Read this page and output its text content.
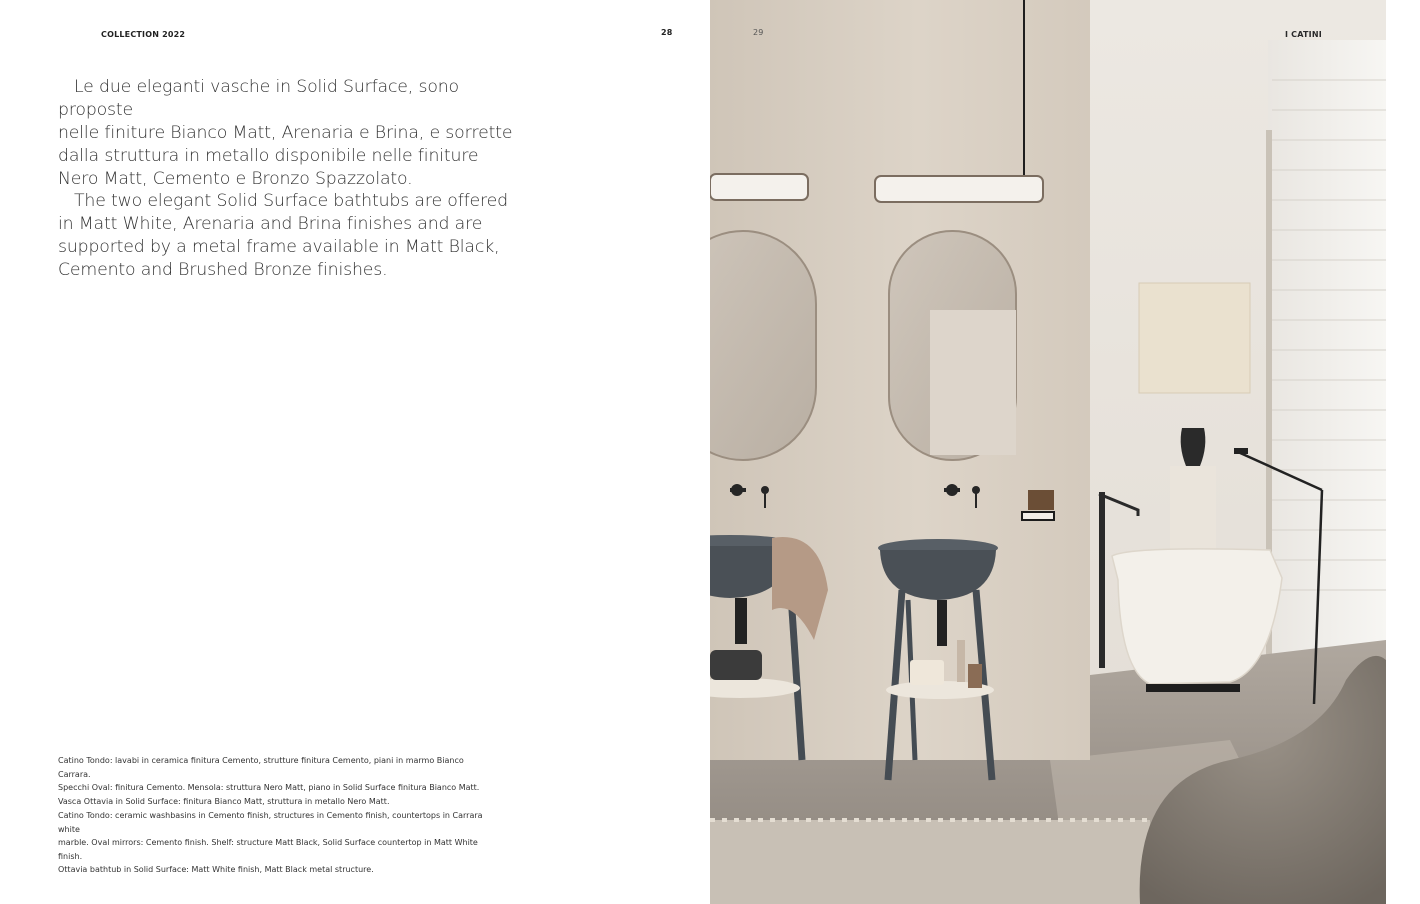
COLLECTION 2022	28

Le due eleganti vasche in Solid Surface, sono proposte
nelle finiture Bianco Matt, Arenaria e Brina, e sorrette
dalla struttura in metallo disponibile nelle finiture
Nero Matt, Cemento e Bronzo Spazzolato.

The two elegant Solid Surface bathtubs are offered
in Matt White, Arenaria and Brina finishes and are
supported by a metal frame available in Matt Black,
Cemento and Brushed Bronze finishes.

Catino Tondo: lavabi in ceramica finitura Cemento, strutture finitura Cemento, piani in marmo Bianco Carrara.
Specchi Oval: finitura Cemento. Mensola: struttura Nero Matt, piano in Solid Surface finitura Bianco Matt.
Vasca Ottavia in Solid Surface: finitura Bianco Matt, struttura in metallo Nero Matt.

Catino Tondo: ceramic washbasins in Cemento finish, structures in Cemento finish, countertops in Carrara white
marble. Oval mirrors: Cemento finish. Shelf: structure Matt Black, Solid Surface countertop in Matt White finish.
Ottavia bathtub in Solid Surface: Matt White finish, Matt Black metal structure.

29	I CATINI
